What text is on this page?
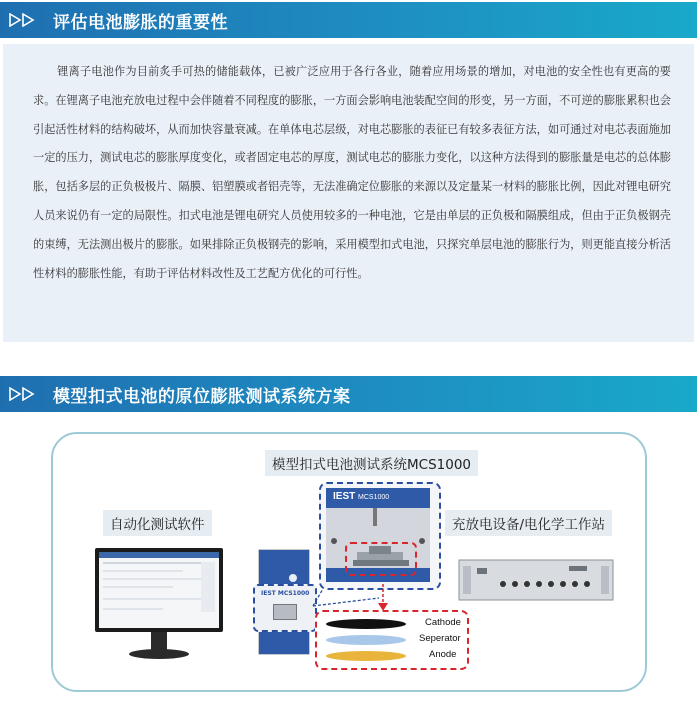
评估电池膨胀的重要性
锂离子电池作为目前炙手可热的储能载体，已被广泛应用于各行各业，随着应用场景的增加，对电池的安全性也有更高的要求。在锂离子电池充放电过程中会伴随着不同程度的膨胀，一方面会影响电池装配空间的形变，另一方面，不可逆的膨胀累积也会引起活性材料的结构破坏，从而加快容量衰减。在单体电芯层级，对电芯膨胀的表征已有较多表征方法，如可通过对电芯表面施加一定的压力，测试电芯的膨胀厚度变化，或者固定电芯的厚度，测试电芯的膨胀力变化，以这种方法得到的膨胀量是电芯的总体膨胀，包括多层的正负极极片、隔膜、铝塑膜或者铝壳等，无法准确定位膨胀的来源以及定量某一材料的膨胀比例，因此对锂电研究人员来说仍有一定的局限性。扣式电池是锂电研究人员使用较多的一种电池，它是由单层的正负极和隔膜组成，但由于正负极钢壳的束缚，无法测出极片的膨胀。如果排除正负极钢壳的影响，采用模型扣式电池，只探究单层电池的膨胀行为，则更能直接分析活性材料的膨胀性能，有助于评估材料改性及工艺配方优化的可行性。
模型扣式电池的原位膨胀测试系统方案
模型扣式电池测试系统MCS1000
自动化测试软件	充放电设备/电化学工作站
IEST MCS1000
IEST MCS1000
Cathode
Seperator
Anode
